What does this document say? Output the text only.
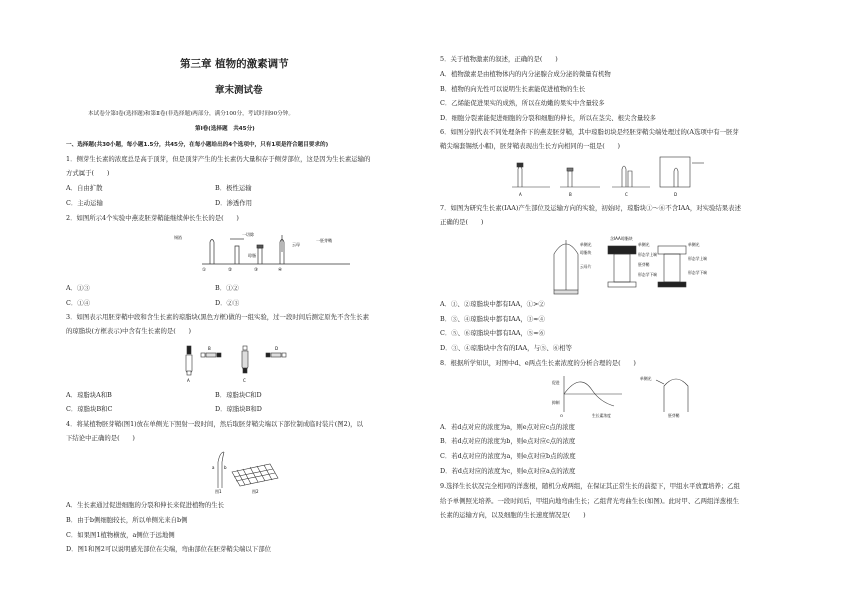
第三章 植物的激素调节
章末测试卷
本试卷分第Ⅰ卷(选择题)和第Ⅱ卷(非选择题)两部分，满分100分，考试时间90分钟。
第Ⅰ卷(选择题　共45分)
一、选择题(共30小题，每小题1.5分，共45分，在每小题给出的4个选项中，只有1项是符合题目要求的)
1．侧芽生长素的浓度总是高于顶芽，但是顶芽产生的生长素仍大量积存于侧芽部位，这是因为生长素运输的
方式属于(　　)
A．自由扩散	B．极性运输
C．主动运输	D．渗透作用
2．如图所示4个实验中燕麦胚芽鞘能继续伸长生长的是(　　)
锡箔
一切除
云母
琼脂
一胚芽鞘
①	②	③	④
A．①③	B．①②
C．①④	D．②③
3．如图表示用胚芽鞘中段和含生长素的琼脂块(黑色方框)做的一组实验，过一段时间后测定原先不含生长素
的琼脂块(方框表示)中含有生长素的是(　　)
A
B
C
D
A．琼脂块A和B	B．琼脂块C和D
C．琼脂块B和C	D．琼脂块B和D
4．将某植物胚芽鞘(图1)放在单侧光下照射一段时间，然后取胚芽鞘尖端以下部位制成临时装片(图2)，以
下结论中正确的是(　　)
a b
图1	图2
A．生长素通过促进细胞的分裂和伸长来促进植物的生长
B．由于b侧细胞较长，所以单侧光来自b侧
C．如果图1植物横放，a侧位于远地侧
D．图1和图2可以说明感光部位在尖端，弯曲部位在胚芽鞘尖端以下部位
5．关于植物激素的叙述，正确的是(　　)
A．植物激素是由植物体内的内分泌腺合成分泌的微量有机物
B．植物的向光性可以说明生长素能促进植物的生长
C．乙烯能促进果实的成熟，所以在幼嫩的果实中含量较多
D．细胞分裂素能促进细胞的分裂和细胞的伸长，所以在茎尖、根尖含量较多
6．如图分别代表不同处理条件下的燕麦胚芽鞘，其中琼脂切块是经胚芽鞘尖端处理过的(A选项中有一胚芽
鞘尖端套锡纸小帽)，胚芽鞘表现出生长方向相同的一组是(　　)
A	B	C	D
7．如图为研究生长素(IAA)产生部位及运输方向的实验，初始时，琼脂块①～⑥不含IAA，对实验结果表述
正确的是(　　)
含IAA琼脂块
单侧光
琼脂块
云母片
单侧光
形态学上端
胚芽鞘
形态学下端
单侧光
形态学上端
形态学下端
A．①、②琼脂块中都有IAA，①>②
B．③、④琼脂块中都有IAA，③≈④
C．⑤、⑥琼脂块中都有IAA，⑤≈⑥
D．③、④琼脂块中含有的IAA，与⑤、⑥相等
8．根据所学知识，对图中d、e两点生长素浓度的分析合理的是(　　)
促进
抑制
O	生长素浓度
单侧光
胚芽鞘
A．若d点对应的浓度为a，则e点对应c点的浓度
B．若d点对应的浓度为b，则e点对应c点的浓度
C．若d点对应的浓度为a，则e点对应b点的浓度
D．若d点对应的浓度为c，则e点对应a点的浓度
9.选择生长状况完全相同的洋葱根，随机分成两组，在保证其正常生长的前提下，甲组水平放置培养；乙组
给予单侧照光培养。一段时间后，甲组向地弯曲生长；乙组背光弯曲生长(如图)。此时甲、乙两组洋葱根生
长素的运输方向，以及细胞的生长速度情况是(　　)
